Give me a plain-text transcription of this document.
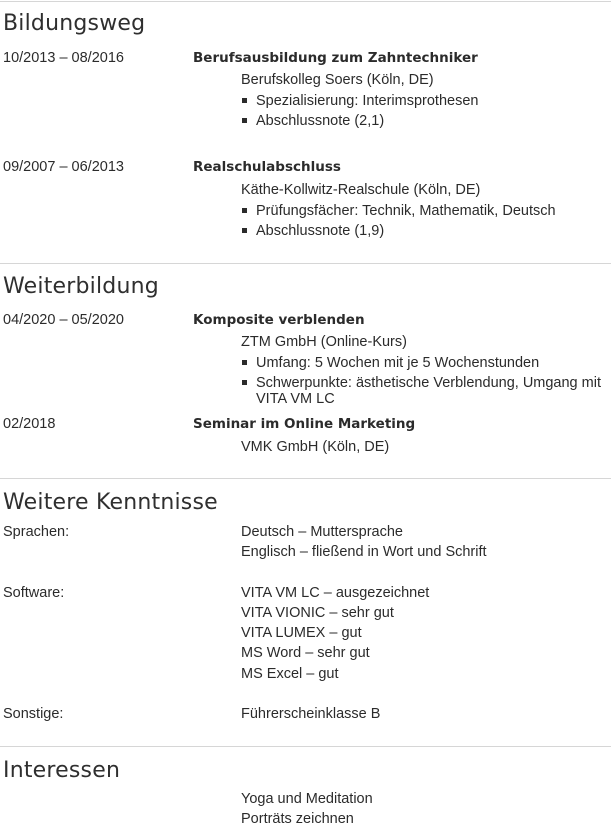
Bildungsweg
10/2013 – 08/2016	Berufsausbildung zum Zahntechniker
Berufskolleg Soers (Köln, DE)
Spezialisierung: Interimsprothesen
Abschlussnote (2,1)
09/2007 – 06/2013	Realschulabschluss
Käthe-Kollwitz-Realschule (Köln, DE)
Prüfungsfächer: Technik, Mathematik, Deutsch
Abschlussnote (1,9)
Weiterbildung
04/2020 – 05/2020	Komposite verblenden
ZTM GmbH (Online-Kurs)
Umfang: 5 Wochen mit je 5 Wochenstunden
Schwerpunkte: ästhetische Verblendung, Umgang mit VITA VM LC
02/2018	Seminar im Online Marketing
VMK GmbH (Köln, DE)
Weitere Kenntnisse
Sprachen:	Deutsch – Muttersprache
Englisch – fließend in Wort und Schrift
Software:	VITA VM LC – ausgezeichnet
VITA VIONIC – sehr gut
VITA LUMEX – gut
MS Word – sehr gut
MS Excel – gut
Sonstige:	Führerscheinklasse B
Interessen
Yoga und Meditation
Porträts zeichnen
